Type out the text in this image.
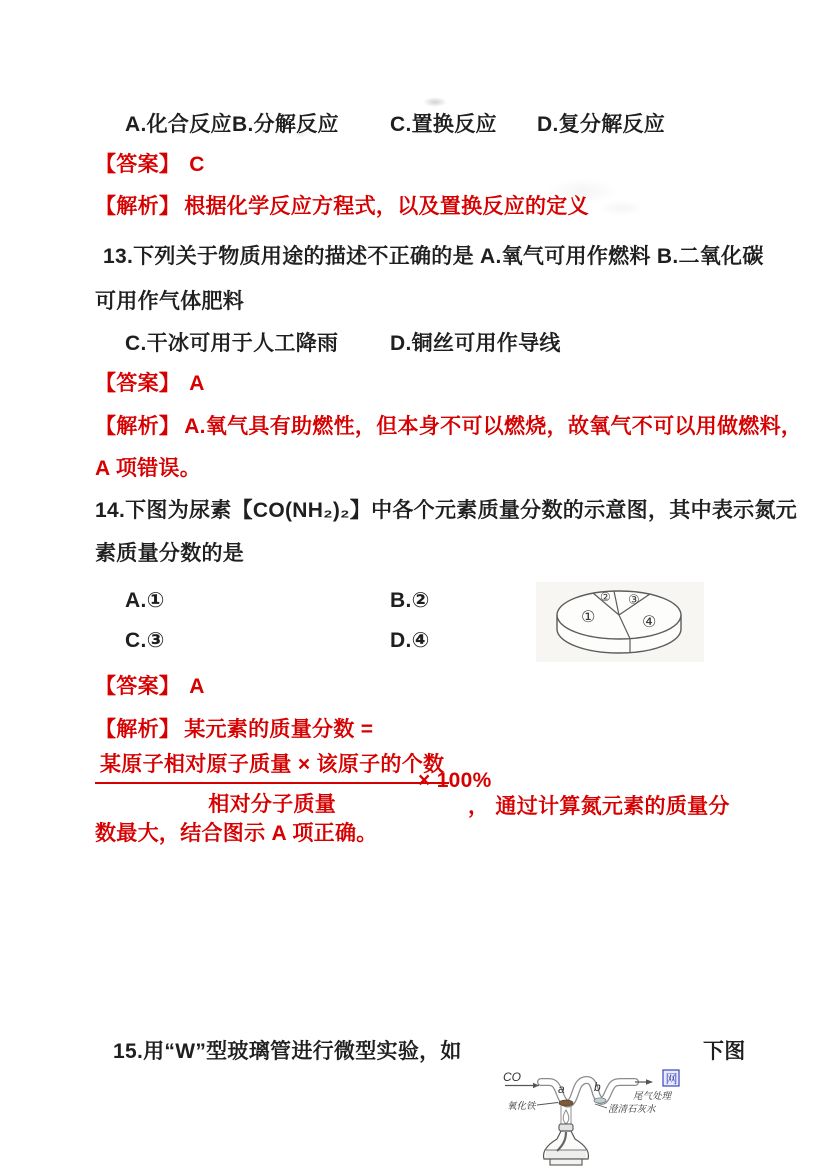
A.化合反应 B.分解反应 C.置换反应 D.复分解反应
【答案】 C
【解析】 根据化学反应方程式，以及置换反应的定义
13.下列关于物质用途的描述不正确的是 A.氧气可用作燃料 B.二氧化碳
可用作气体肥料
C.干冰可用于人工降雨 D.铜丝可用作导线
【答案】 A
【解析】 A.氧气具有助燃性，但本身不可以燃烧，故氧气不可以用做燃料，
A 项错误。
14.下图为尿素【CO(NH₂)₂】中各个元素质量分数的示意图，其中表示氮元
素质量分数的是
A.①	B.②
C.③	D.④
①
② ③
④
【答案】 A
【解析】 某元素的质量分数 =
某原子相对原子质量 × 该原子的个数
相对分子质量
× 100%
， 通过计算氮元素的质量分
数最大，结合图示 A 项正确。
15.用“W”型玻璃管进行微型实验，如	下图
CO
a b
尾气处理
氧化铁	澄清石灰水
网
